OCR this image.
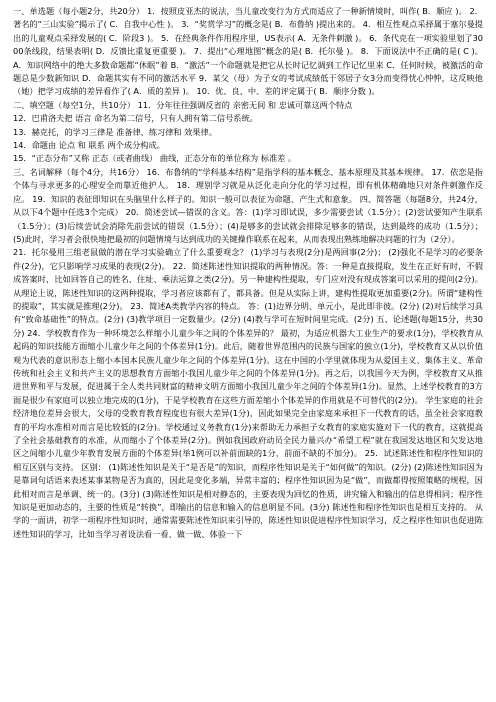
一、单选题（每小题2分，共20分） 1．按照皮亚杰的说法，当儿童改变行为方式而适应了一种新情境时，叫作( B．顺应 )。 2．著名的“三山实验”揭示了( C．自我中心性 )。 3．“奖赏学习”的概念是( B．布鲁纳 )提出来的。 4．相互性观点采择属于塞尔曼提出的儿童观点采择发展的( C．阶段3 )。 5．在经典条件作用程序里，US表示( A．无条件刺激 )。 6．条代克在一项实验里划了3000条线段，结果表明( D．反馈比重复更重要 )。 7．提出“心理地图”概念的是( B．托尔曼 )。 8．下面说法中不正确的是( C )。 A．知识网络中的绝大多数命题都“休眠”着 B．“激活”一个命题就是把它从长时记忆调到工作记忆里来 C．任何时候，被激活的命题总是少数新知识 D．命题其实有不同的激活水平 9．某父（母）为子女的考试成绩低于邻居子女3分而变得忧心忡忡，这反映他（她）把学习成绩的差异看作了( A．质的差异 )。 10．优、良、中、差的评定属于( B．顺序分数 )。

二、填空题（每空1分，共10分） 11．分年往往强调反省的 亲密无间 和 忠诚可靠这两个特点

12．巴甫洛夫把 语言 命名为第二信号，只有人拥有第二信号系统。

13．赫克托，的学习三律是 准备律、练习律和 效果律。

14．命题由 论点 和 联系 两个成分构成。

15．“正态分布”又称 正态（或者曲线） 曲线，正态分布的单位称为 标准差 。

三、名词解释（每个4分，共16分） 16．布鲁纳的“学科基本结构”是指学科的基本概念、基本原理及其基本规律。 17．依恋是指个体与寻求更多的心理安全而靠近他护人。 18．理别学习就是从泛化走向分化的学习过程，即有机体精确地只对条件刺激作反应。 19．知识的表征即知识在头脑里什么样子的。知识一般可以表征为命题、产生式和意象。 四、简答题（每题8分，共24分，从以下4个题中任选3个完成） 20．简述尝试—错误的含义。答：(1)学习即试误，多少需要尝试（1.5分）；(2)尝试要知产生联系（1.5分）；(3)后续尝试会消除先前尝试的错误（1.5分）；(4)是够多的尝试就会排除足够多的错误，达到最终的成功（1.5分）；(5)此时，学习者会很快地把最初的问题情境与达到成功的关键操作联系在起来，从而表现出熟练地解决问题的行为（2分）。

21．托尔曼用三组老鼠做的潜在学习实验确立了什么重要观念？ (1)学习与表现(2分)是两回事(2分)； (2)强化不是学习的必要条件(2分)，它只影响学习成果的表现(2分)。 22．简述陈述性知识提取的两种情况。答：一种是直接提取，发生在正好有时，不假成答案时，比如回答自己的姓名、住址、乘法运算之类(2分)。另一种建构性提取，专门应对没有现成答案可以采用的提问(2分)。从理论上说，陈述性知识的这两种提取，学习者应该都有了，都具备。但是从实际上讲，建构性提取更加重要(2分)。所谓“建构性的提取”，其实就是推理(2分)。 23．简述A类教学内容的特点。 答：(1)边界分明、单元小，是此即非彼。(2分) (2)对后续学习具有“致命基础性”的特点。(2分) (3)教学项目一定数量少。(2分) (4)教与学可在短时间里完成。(2分) 五、论述题(每题15分，共30分) 24．学校教育作为一种环境怎么样缩小儿童少年之间的个体差异的？ 最初，为适应机器大工业生产的要求(1分)，学校教育从起码的知识技能方面缩小儿童少年之间的个体差异(1分)。此后，随着世界范围内的民族与国家的独立(1分)，学校教育又从以价值观为代表的意识形态上缩小本国本民族儿童少年之间的个体差异(1分)。这在中国的小学里就体现为从爱国主义、集体主义、革命传统和社会主义和共产主义的思想教育方面缩小我国儿童少年之间的个体差异(1分)。再之后，以我国今天为例，学校教育又从推进世界和平与发展，促进属于全人类共同财富的精神文明方面缩小我国儿童少年之间的个体差异(1分)。显然，上述学校教育的3方面是很少有家庭可以独立地完成的(1分)，于是学校教育在这些方面差缩小个体差异的作用就是不可替代的(2分)。 学生家庭的社会经济地位差异会很大，父母的受教育教育程度也有很大差异(1分)，因此如果完全由家庭来承担下一代教育的话，虽全社会家庭教育的平均水准相对而言是比较低的(2分)。学校通过义务教育(1分)来帮助无力承担子女教育的家庭实施对下一代的教育，这就提高了全社会基础教育的水准，从而缩小了个体差异(2分)。例如我国政府动员全民力量兴办“希望工程”就在我国发达地区和欠发达地区之间缩小儿童少年教育发展方面的个体差异(举1例可以补前面缺的1分，前面不缺的不加分)。 25．试述陈述性和程序性知识的相互区别与支持。 区别： (1)陈述性知识是关于“是否是”的知识，而程序性知识是关于“如何做”的知识。(2分) (2)陈述性知识因为是靠词句话语来表述某事某物是否为真的，因此是变化多端，异常丰富的；程序性知识因为是“做”，而做都得按照策略的规程，因此相对而言是单调、统一的。(3分) (3)陈述性知识是相对静态的，主要表现为回忆的性质，讲究输入和输出的信息得相同；程序性知识是更加动态的，主要的性质是“转换”，即输出的信息和输入的信息明显不同。(3分) 陈述性和程序性知识也是相互支持的。 从学的一面讲，初学一项程序性知识时，通常需要陈述性知识来引导的，陈述性知识促进程序性知识学习，反之程序性知识也促进陈述性知识的学习，比如当学习者设法看一看、做一做、体验一下
